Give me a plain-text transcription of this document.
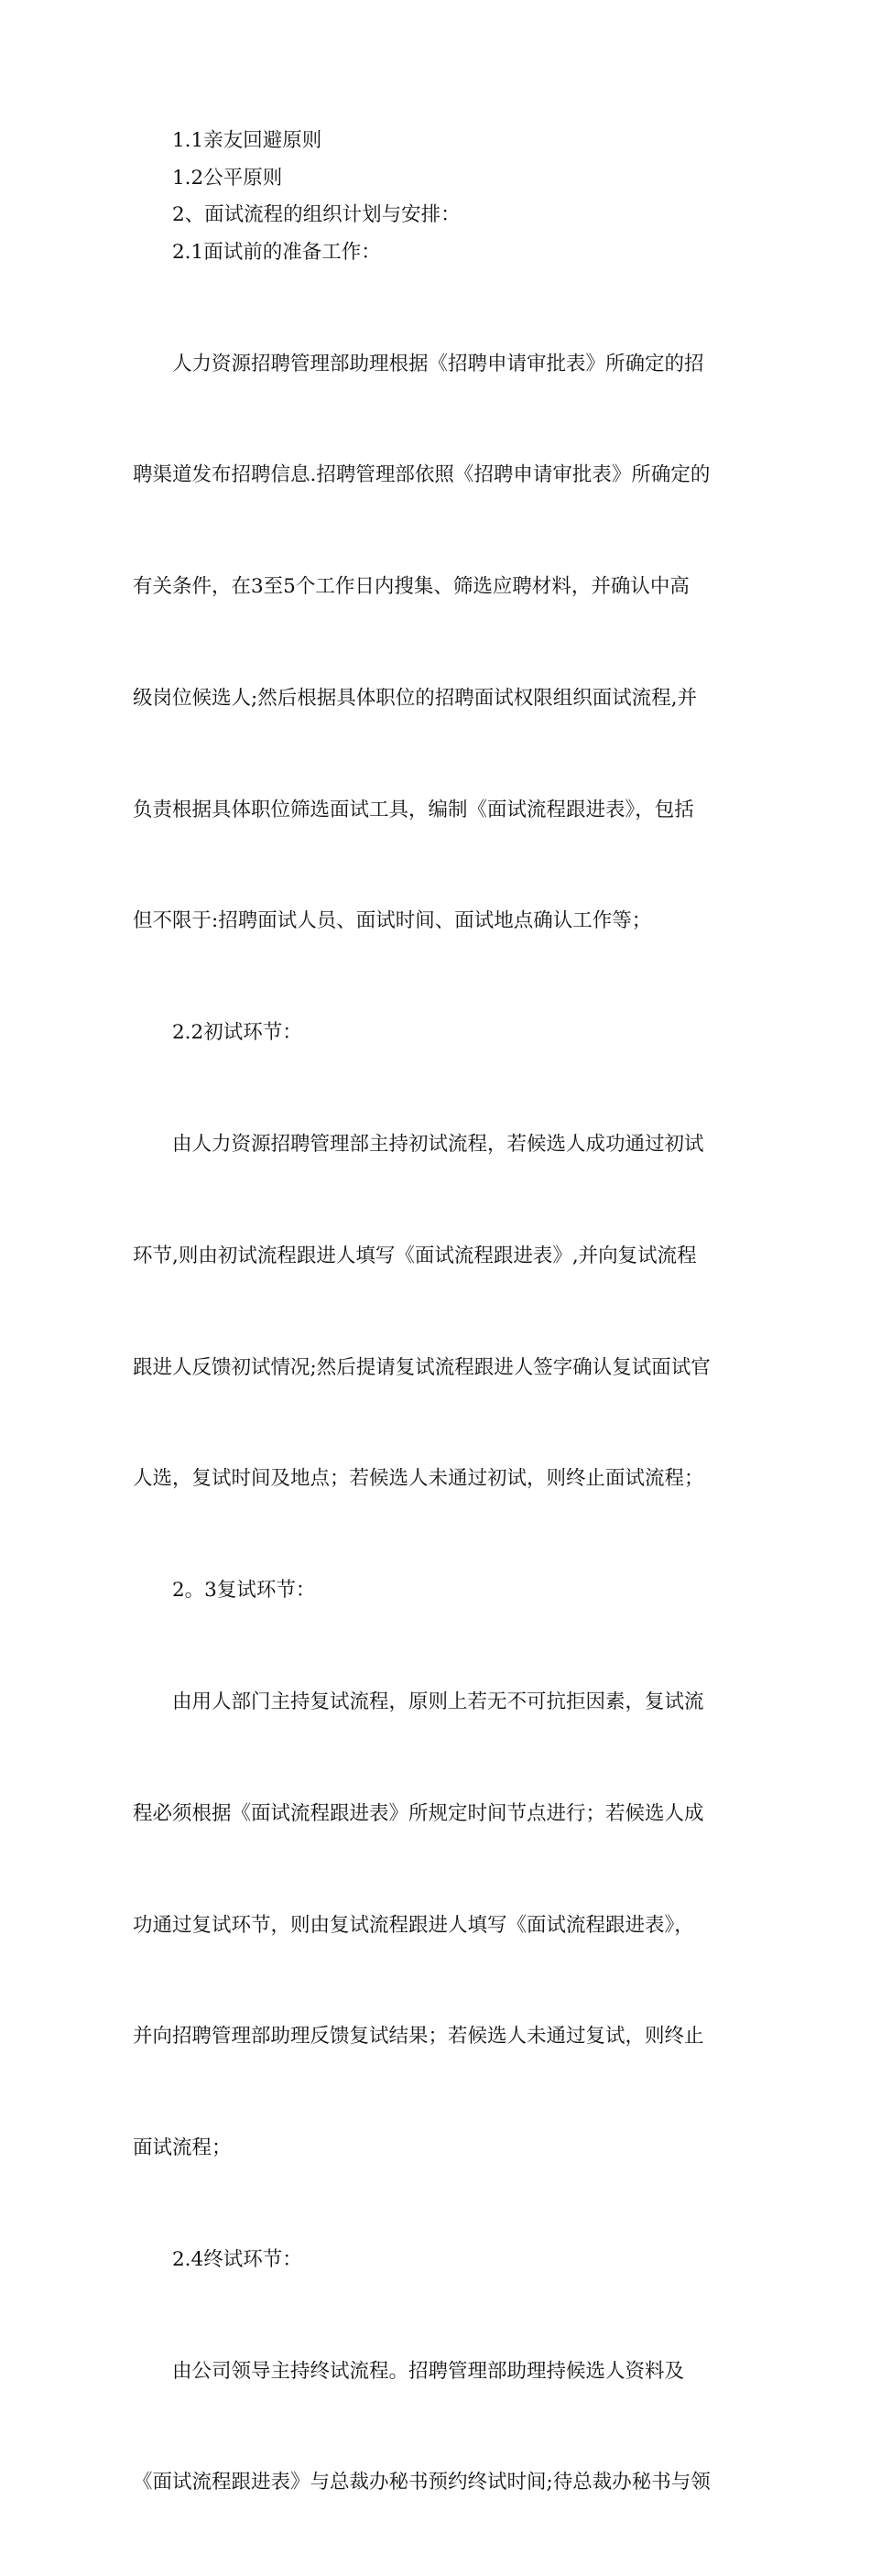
1.1亲友回避原则

1.2公平原则

2、面试流程的组织计划与安排：

2.1面试前的准备工作：

人力资源招聘管理部助理根据《招聘申请审批表》所确定的招

聘渠道发布招聘信息.招聘管理部依照《招聘申请审批表》所确定的

有关条件，在3至5个工作日内搜集、筛选应聘材料，并确认中高

级岗位候选人;然后根据具体职位的招聘面试权限组织面试流程,并

负责根据具体职位筛选面试工具，编制《面试流程跟进表》，包括

但不限于:招聘面试人员、面试时间、面试地点确认工作等；

2.2初试环节：

由人力资源招聘管理部主持初试流程，若候选人成功通过初试

环节,则由初试流程跟进人填写《面试流程跟进表》,并向复试流程

跟进人反馈初试情况;然后提请复试流程跟进人签字确认复试面试官

人选，复试时间及地点；若候选人未通过初试，则终止面试流程；

2。3复试环节：

由用人部门主持复试流程，原则上若无不可抗拒因素，复试流

程必须根据《面试流程跟进表》所规定时间节点进行；若候选人成

功通过复试环节，则由复试流程跟进人填写《面试流程跟进表》，

并向招聘管理部助理反馈复试结果；若候选人未通过复试，则终止

面试流程；

2.4终试环节：

由公司领导主持终试流程。招聘管理部助理持候选人资料及

《面试流程跟进表》与总裁办秘书预约终试时间;待总裁办秘书与领
